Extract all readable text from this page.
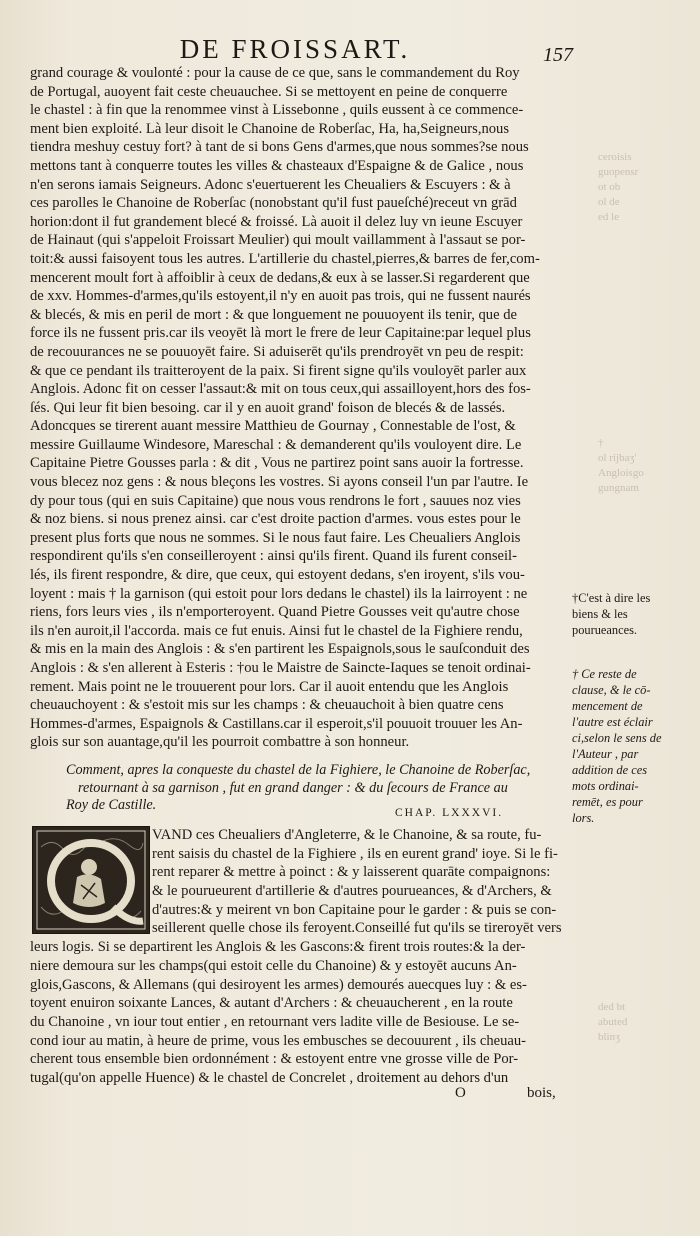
ceroisis
guopensr
ot ob
ol de
ed le
†
ol rijbaʒ'
Angloisgo
gungnam
ded bt
abuted
blinʒ
DE FROISSART.	157
grand courage & voulonté : pour la cause de ce que, sans le commandement du Roy
de Portugal, auoyent fait ceste cheuauchee. Si se mettoyent en peine de conquerre
le chastel : à fin que la renommee vinst à Lissebonne , quils eussent à ce commence-
ment bien exploité. Là leur disoit le Chanoine de Roberſac, Ha, ha,Seigneurs,nous
tiendra meshuy cestuy fort? à tant de si bons Gens d'armes,que nous sommes?se nous
mettons tant à conquerre toutes les villes & chasteaux d'Espaigne & de Galice , nous
n'en serons iamais Seigneurs. Adonc s'euertuerent les Cheualiers & Escuyers : & à
ces parolles le Chanoine de Roberſac (nonobstant qu'il fust paueſché)receut vn grād
horion:dont il fut grandement blecé & froissé. Là auoit il delez luy vn ieune Escuyer
de Hainaut (qui s'appeloit Froissart Meulier) qui moult vaillamment à l'assaut se por-
toit:& aussi faisoyent tous les autres. L'artillerie du chastel,pierres,& barres de fer,com-
mencerent moult fort à affoiblir à ceux de dedans,& eux à se lasser.Si regarderent que
de xxv. Hommes-d'armes,qu'ils estoyent,il n'y en auoit pas trois, qui ne fussent naurés
& blecés, & mis en peril de mort : & que longuement ne pouuoyent ils tenir, que de
force ils ne fussent pris.car ils veoyēt là mort le frere de leur Capitaine:par lequel plus
de recouurances ne se pouuoyēt faire. Si aduiserēt qu'ils prendroyēt vn peu de respit:
& que ce pendant ils traitteroyent de la paix. Si firent signe qu'ils vouloyēt parler aux
Anglois. Adonc fit on cesser l'assaut:& mit on tous ceux,qui assailloyent,hors des fos-
ſés. Qui leur fit bien besoing. car il y en auoit grand' foison de blecés & de lassés.
Adoncques se tirerent auant messire Matthieu de Gournay , Connestable de l'ost, &
messire Guillaume Windesore, Mareschal : & demanderent qu'ils vouloyent dire. Le
Capitaine Pietre Gousses parla : & dit , Vous ne partirez point sans auoir la fortresse.
vous blecez noz gens : & nous bleçons les vostres. Si ayons conseil l'un par l'autre. Ie
dy pour tous (qui en suis Capitaine) que nous vous rendrons le fort , sauues noz vies
& noz biens. si nous prenez ainsi. car c'est droite paction d'armes. vous estes pour le
present plus forts que nous ne sommes. Si le nous faut faire. Les Cheualiers Anglois
respondirent qu'ils s'en conseilleroyent : ainsi qu'ils firent. Quand ils furent conseil-
lés, ils firent respondre, & dire, que ceux, qui estoyent dedans, s'en iroyent, s'ils vou-
loyent : mais † la garnison (qui estoit pour lors dedans le chastel) ils la lairroyent : ne
riens, fors leurs vies , ils n'emporteroyent. Quand Pietre Gousses veit qu'autre chose
ils n'en auroit,il l'accorda. mais ce fut enuis. Ainsi fut le chastel de la Fighiere rendu,
& mis en la main des Anglois : & s'en partirent les Espaignols,sous le sauſconduit des
Anglois : & s'en allerent à Esteris : †ou le Maistre de Saincte-Iaques se tenoit ordinai-
rement. Mais point ne le trouuerent pour lors. Car il auoit entendu que les Anglois
cheuauchoyent : & s'estoit mis sur les champs : & cheuauchoit à bien quatre cens
Hommes-d'armes, Espaignols & Castillans.car il esperoit,s'il pouuoit trouuer les An-
glois sur son auantage,qu'il les pourroit combattre à son honneur.
Comment, apres la conqueste du chastel de la Fighiere, le Chanoine de Roberſac,
retournant à sa garnison , fut en grand danger : & du ſecours de France au
Roy de Castille.	CHAP. LXXXVI.
VAND ces Cheualiers d'Angleterre, & le Chanoine, & sa route, fu-
rent saisis du chastel de la Fighiere , ils en eurent grand' ioye. Si le fi-
rent reparer & mettre à poinct : & y laisserent quarāte compaignons:
& le pourueurent d'artillerie & d'autres pourueances, & d'Archers, &
d'autres:& y meirent vn bon Capitaine pour le garder : & puis se con-
seillerent quelle chose ils feroyent.Conseillé fut qu'ils se tireroyēt vers
leurs logis. Si se departirent les Anglois & les Gascons:& firent trois routes:& la der-
niere demoura sur les champs(qui estoit celle du Chanoine) & y estoyēt aucuns An-
glois,Gascons, & Allemans (qui desiroyent les armes) demourés auecques luy : & es-
toyent enuiron soixante Lances, & autant d'Archers : & cheuaucherent , en la route
du Chanoine , vn iour tout entier , en retournant vers ladite ville de Besiouse. Le se-
cond iour au matin, à heure de prime, vous les embusches se decouurent , ils cheuau-
cherent tous ensemble bien ordonnément : & estoyent entre vne grosse ville de Por-
tugal(qu'on appelle Huence) & le chastel de Concrelet , droitement au dehors d'un
†C'est à dire les
biens & les
pourueances.
† Ce reste de
clause, & le cō-
mencement de
l'autre est éclair
ci,selon le sens de
l'Auteur , par
addition de ces
mots ordinai-
remēt, es pour
lors.
O	bois,
